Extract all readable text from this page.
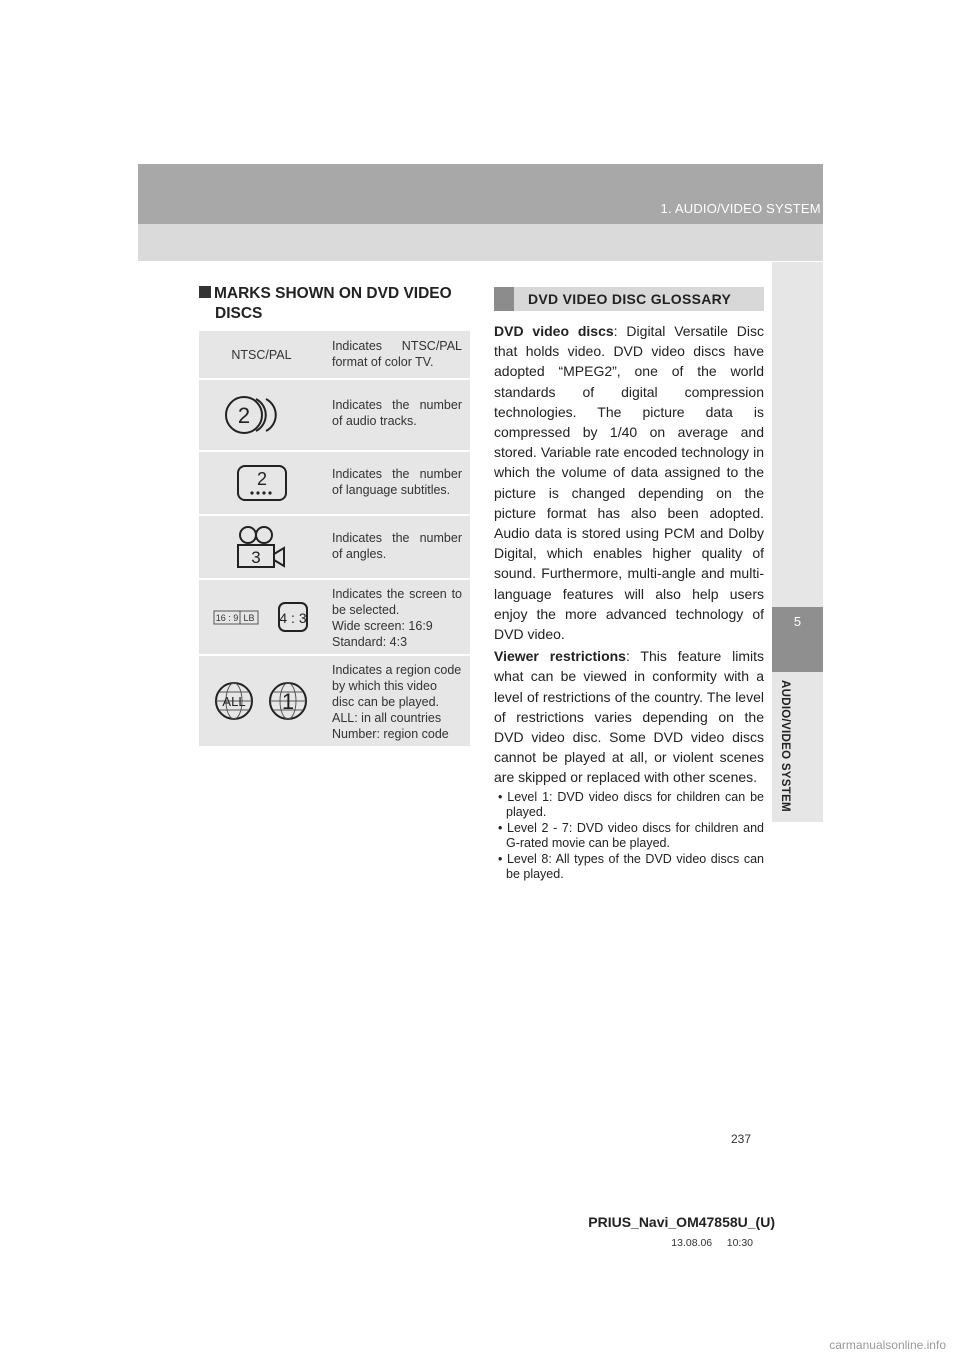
1. AUDIO/VIDEO SYSTEM OPERATION
5
AUDIO/VIDEO SYSTEM
MARKS SHOWN ON DVD VIDEO
DISCS
NTSC/PAL
Indicates NTSC/PAL format of color TV.
2	Indicates the number of audio tracks.
2	Indicates the number of language subtitles.
3
Indicates the number of angles.
16 : 9 LB 4 : 3
Indicates the screen to be selected.
Wide screen: 16:9
Standard: 4:3
ALL 1
Indicates a region code by which this video disc can be played.
ALL: in all countries
Number: region code
DVD VIDEO DISC GLOSSARY

DVD video discs: Digital Versatile Disc that holds video. DVD video discs have adopted “MPEG2”, one of the world standards of digital compression technologies. The picture data is compressed by 1/40 on average and stored. Variable rate encoded technology in which the volume of data assigned to the picture is changed depending on the picture format has also been adopted. Audio data is stored using PCM and Dolby Digital, which enables higher quality of sound. Furthermore, multi-angle and multi-language features will also help users enjoy the more advanced technology of DVD video.

Viewer restrictions: This feature limits what can be viewed in conformity with a level of restrictions of the country. The level of restrictions varies depending on the DVD video disc. Some DVD video discs cannot be played at all, or violent scenes are skipped or replaced with other scenes.

• Level 1: DVD video discs for children can be played.
• Level 2 - 7: DVD video discs for children and G-rated movie can be played.
• Level 8: All types of the DVD video discs can be played.
237
PRIUS_Navi_OM47858U_(U)
13.08.06     10:30
carmanualsonline.info
